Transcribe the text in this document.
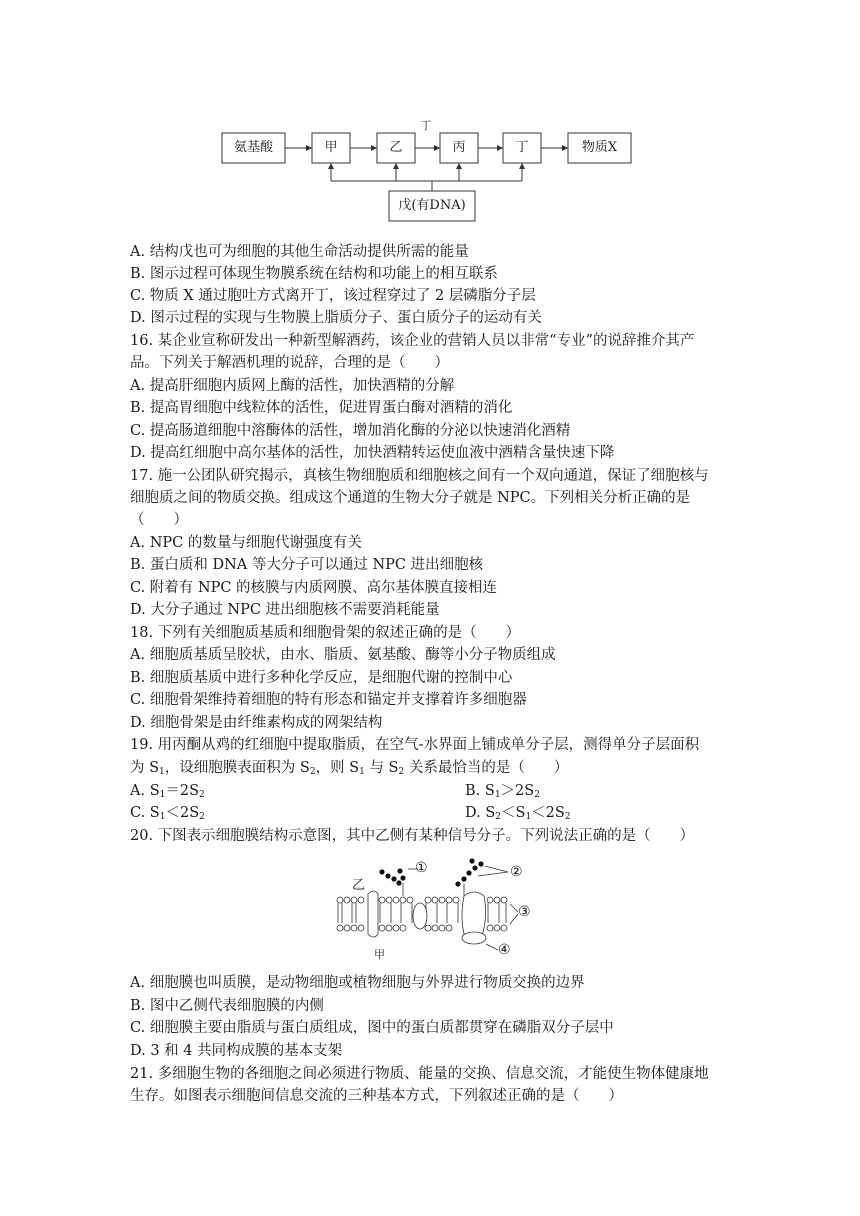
氨基酸	甲	乙	丙	丁	物质X
丁
戊(有DNA)
A. 结构戊也可为细胞的其他生命活动提供所需的能量
B. 图示过程可体现生物膜系统在结构和功能上的相互联系
C. 物质 X 通过胞吐方式离开丁，该过程穿过了 2 层磷脂分子层
D. 图示过程的实现与生物膜上脂质分子、蛋白质分子的运动有关
16. 某企业宣称研发出一种新型解酒药，该企业的营销人员以非常“专业”的说辞推介其产
品。下列关于解酒机理的说辞，合理的是（　　）
A. 提高肝细胞内质网上酶的活性，加快酒精的分解
B. 提高胃细胞中线粒体的活性，促进胃蛋白酶对酒精的消化
C. 提高肠道细胞中溶酶体的活性，增加消化酶的分泌以快速消化酒精
D. 提高红细胞中高尔基体的活性，加快酒精转运使血液中酒精含量快速下降
17. 施一公团队研究揭示，真核生物细胞质和细胞核之间有一个双向通道，保证了细胞核与
细胞质之间的物质交换。组成这个通道的生物大分子就是 NPC。下列相关分析正确的是
（　　）
A. NPC 的数量与细胞代谢强度有关
B. 蛋白质和 DNA 等大分子可以通过 NPC 进出细胞核
C. 附着有 NPC 的核膜与内质网膜、高尔基体膜直接相连
D. 大分子通过 NPC 进出细胞核不需要消耗能量
18. 下列有关细胞质基质和细胞骨架的叙述正确的是（　　）
A. 细胞质基质呈胶状，由水、脂质、氨基酸、酶等小分子物质组成
B. 细胞质基质中进行多种化学反应，是细胞代谢的控制中心
C. 细胞骨架维持着细胞的特有形态和锚定并支撑着许多细胞器
D. 细胞骨架是由纤维素构成的网架结构
19. 用丙酮从鸡的红细胞中提取脂质，在空气-水界面上铺成单分子层，测得单分子层面积
为 $S_1$，设细胞膜表面积为 $S_2$，则 $S_1$ 与 $S_2$ 关系最恰当的是（　　）
A. $S_1=2S_2$	B. $S_1>2S_2$
C. $S_1<2S_2$	D. $S_2<S_1<2S_2$
20. 下图表示细胞膜结构示意图，其中乙侧有某种信号分子。下列说法正确的是（　　）
乙
①	②
③
④
甲
A. 细胞膜也叫质膜，是动物细胞或植物细胞与外界进行物质交换的边界
B. 图中乙侧代表细胞膜的内侧
C. 细胞膜主要由脂质与蛋白质组成，图中的蛋白质都贯穿在磷脂双分子层中
D. 3 和 4 共同构成膜的基本支架
21. 多细胞生物的各细胞之间必须进行物质、能量的交换、信息交流，才能使生物体健康地
生存。如图表示细胞间信息交流的三种基本方式，下列叙述正确的是（　　）
